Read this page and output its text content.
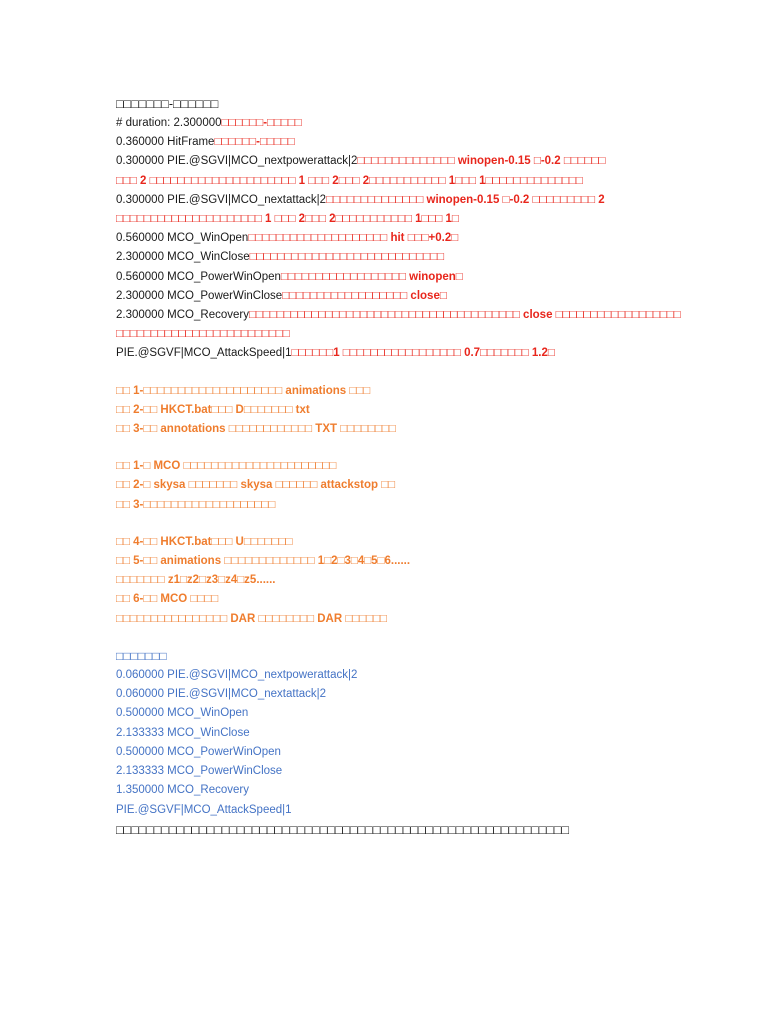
□□□□□□□-□□□□□□
# duration: 2.300000□□□□□□-□□□□□
0.360000 HitFrame□□□□□□-□□□□□
0.300000 PIE.@SGVI|MCO_nextpowerattack|2□□□□□□□□□□□□□□ winopen-0.15 □-0.2 □□□□□□
□□□ 2 □□□□□□□□□□□□□□□□□□□□□ 1 □□□ 2□□□ 2□□□□□□□□□□□ 1□□□ 1□□□□□□□□□□□□□□
0.300000 PIE.@SGVI|MCO_nextattack|2□□□□□□□□□□□□□□ winopen-0.15 □-0.2 □□□□□□□□□ 2
□□□□□□□□□□□□□□□□□□□□□ 1 □□□ 2□□□ 2□□□□□□□□□□□ 1□□□ 1□
0.560000 MCO_WinOpen□□□□□□□□□□□□□□□□□□□□ hit □□□+0.2□
2.300000 MCO_WinClose□□□□□□□□□□□□□□□□□□□□□□□□□□□□
0.560000 MCO_PowerWinOpen□□□□□□□□□□□□□□□□□□ winopen□
2.300000 MCO_PowerWinClose□□□□□□□□□□□□□□□□□□ close□
2.300000 MCO_Recovery□□□□□□□□□□□□□□□□□□□□□□□□□□□□□□□□□□□□□□□ close □□□□□□□□□□□□□□□□□□
□□□□□□□□□□□□□□□□□□□□□□□□□
PIE.@SGVF|MCO_AttackSpeed|1□□□□□□1 □□□□□□□□□□□□□□□□□ 0.7□□□□□□□ 1.2□
□□ 1-□□□□□□□□□□□□□□□□□□□□ animations □□□
□□ 2-□□ HKCT.bat□□□ D□□□□□□□ txt
□□ 3-□□ annotations □□□□□□□□□□□□ TXT □□□□□□□□
□□ 1-□ MCO □□□□□□□□□□□□□□□□□□□□□□
□□ 2-□ skysa □□□□□□□ skysa □□□□□□ attackstop □□
□□ 3-□□□□□□□□□□□□□□□□□□□
□□ 4-□□ HKCT.bat□□□ U□□□□□□□
□□ 5-□□ animations □□□□□□□□□□□□□ 1□2□3□4□5□6......
□□□□□□□ z1□z2□z3□z4□z5......
□□ 6-□□ MCO □□□□
□□□□□□□□□□□□□□□□ DAR □□□□□□□□ DAR □□□□□□
□□□□□□□
0.060000 PIE.@SGVI|MCO_nextpowerattack|2
0.060000 PIE.@SGVI|MCO_nextattack|2
0.500000 MCO_WinOpen
2.133333 MCO_WinClose
0.500000 MCO_PowerWinOpen
2.133333 MCO_PowerWinClose
1.350000 MCO_Recovery
PIE.@SGVF|MCO_AttackSpeed|1
□□□□□□□□□□□□□□□□□□□□□□□□□□□□□□□□□□□□□□□□□□□□□□□□□□□□□□□□□□□□
